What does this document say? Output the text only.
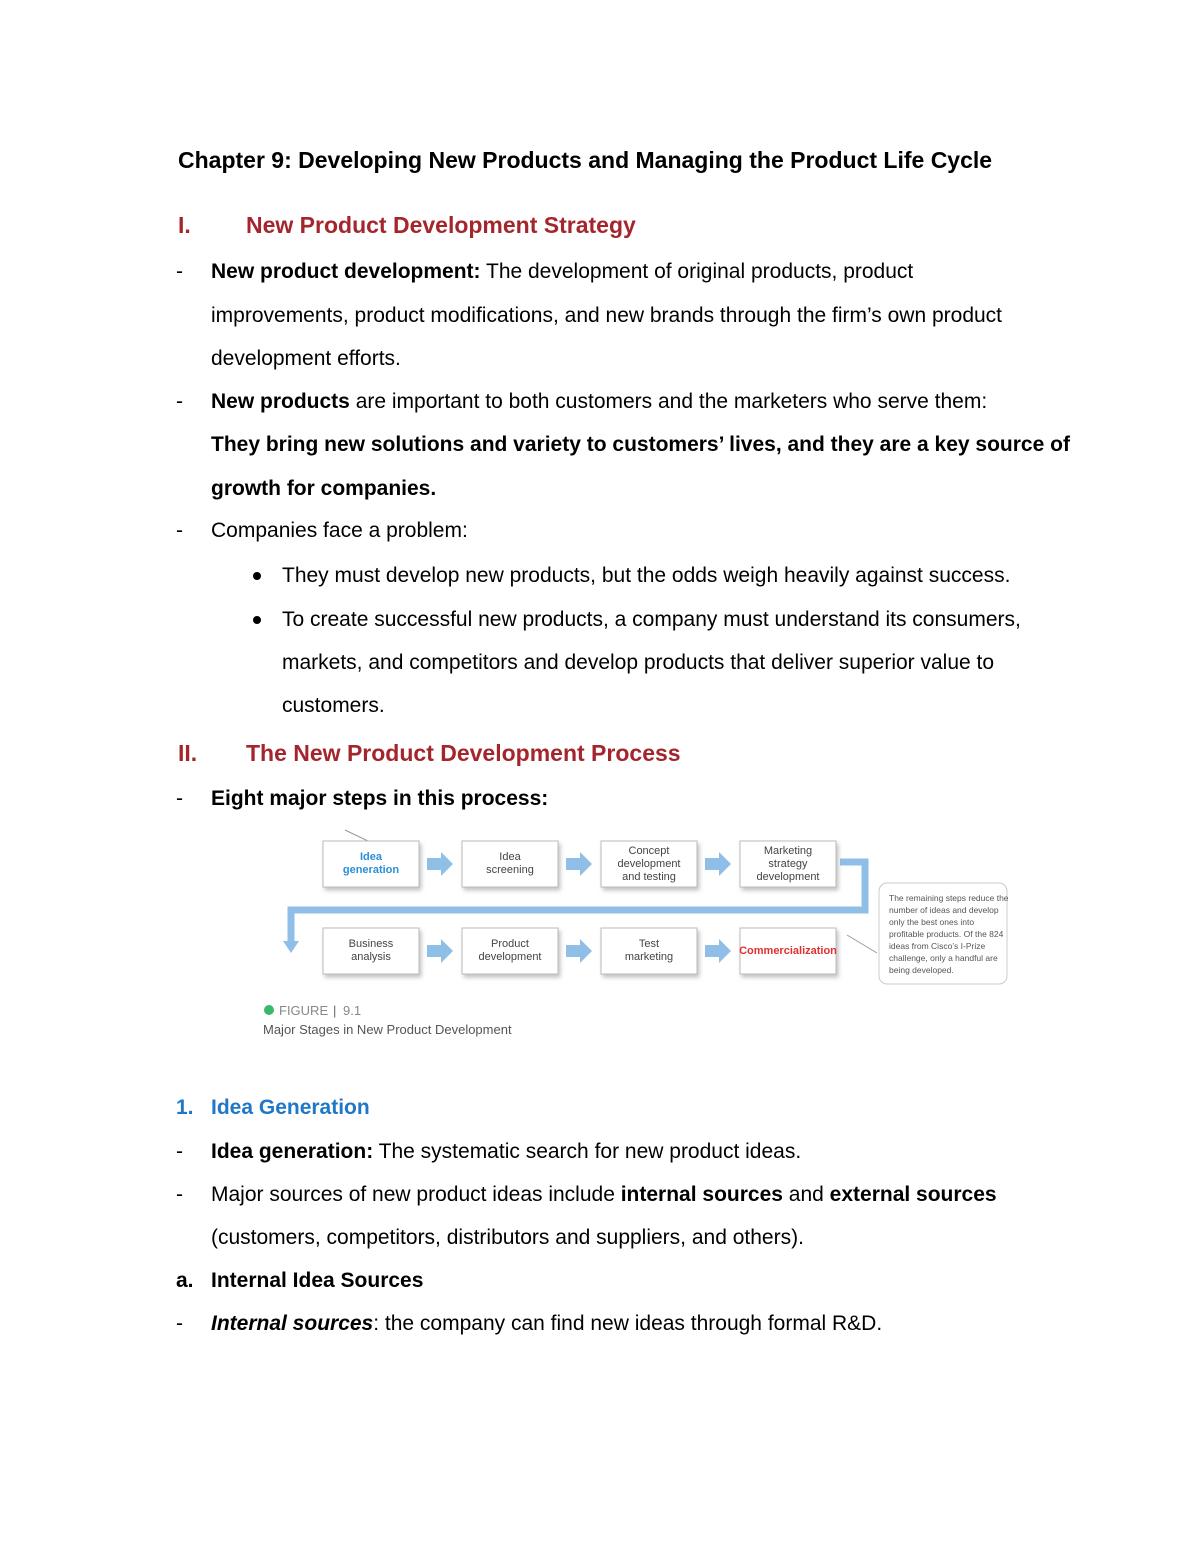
Chapter 9: Developing New Products and Managing the Product Life Cycle
I. New Product Development Strategy
- New product development: The development of original products, product
improvements, product modifications, and new brands through the firm’s own product
development efforts.
- New products are important to both customers and the marketers who serve them:
They bring new solutions and variety to customers’ lives, and they are a key source of
growth for companies.
- Companies face a problem:
They must develop new products, but the odds weigh heavily against success.
To create successful new products, a company must understand its consumers,
markets, and competitors and develop products that deliver superior value to
customers.
II. The New Product Development Process
- Eight major steps in this process:
Idea
generation
Idea
screening
Concept
development
and testing
Marketing
strategy
development
Business
analysis
Product
development
Test
marketing	Commercialization
The remaining steps reduce the
number of ideas and develop
only the best ones into
profitable products. Of the 824
ideas from Cisco’s I-Prize
challenge, only a handful are
being developed.
FIGURE | 9.1
Major Stages in New Product Development
1. Idea Generation
- Idea generation: The systematic search for new product ideas.
- Major sources of new product ideas include internal sources and external sources
(customers, competitors, distributors and suppliers, and others).
a. Internal Idea Sources
- Internal sources: the company can find new ideas through formal R&D.
